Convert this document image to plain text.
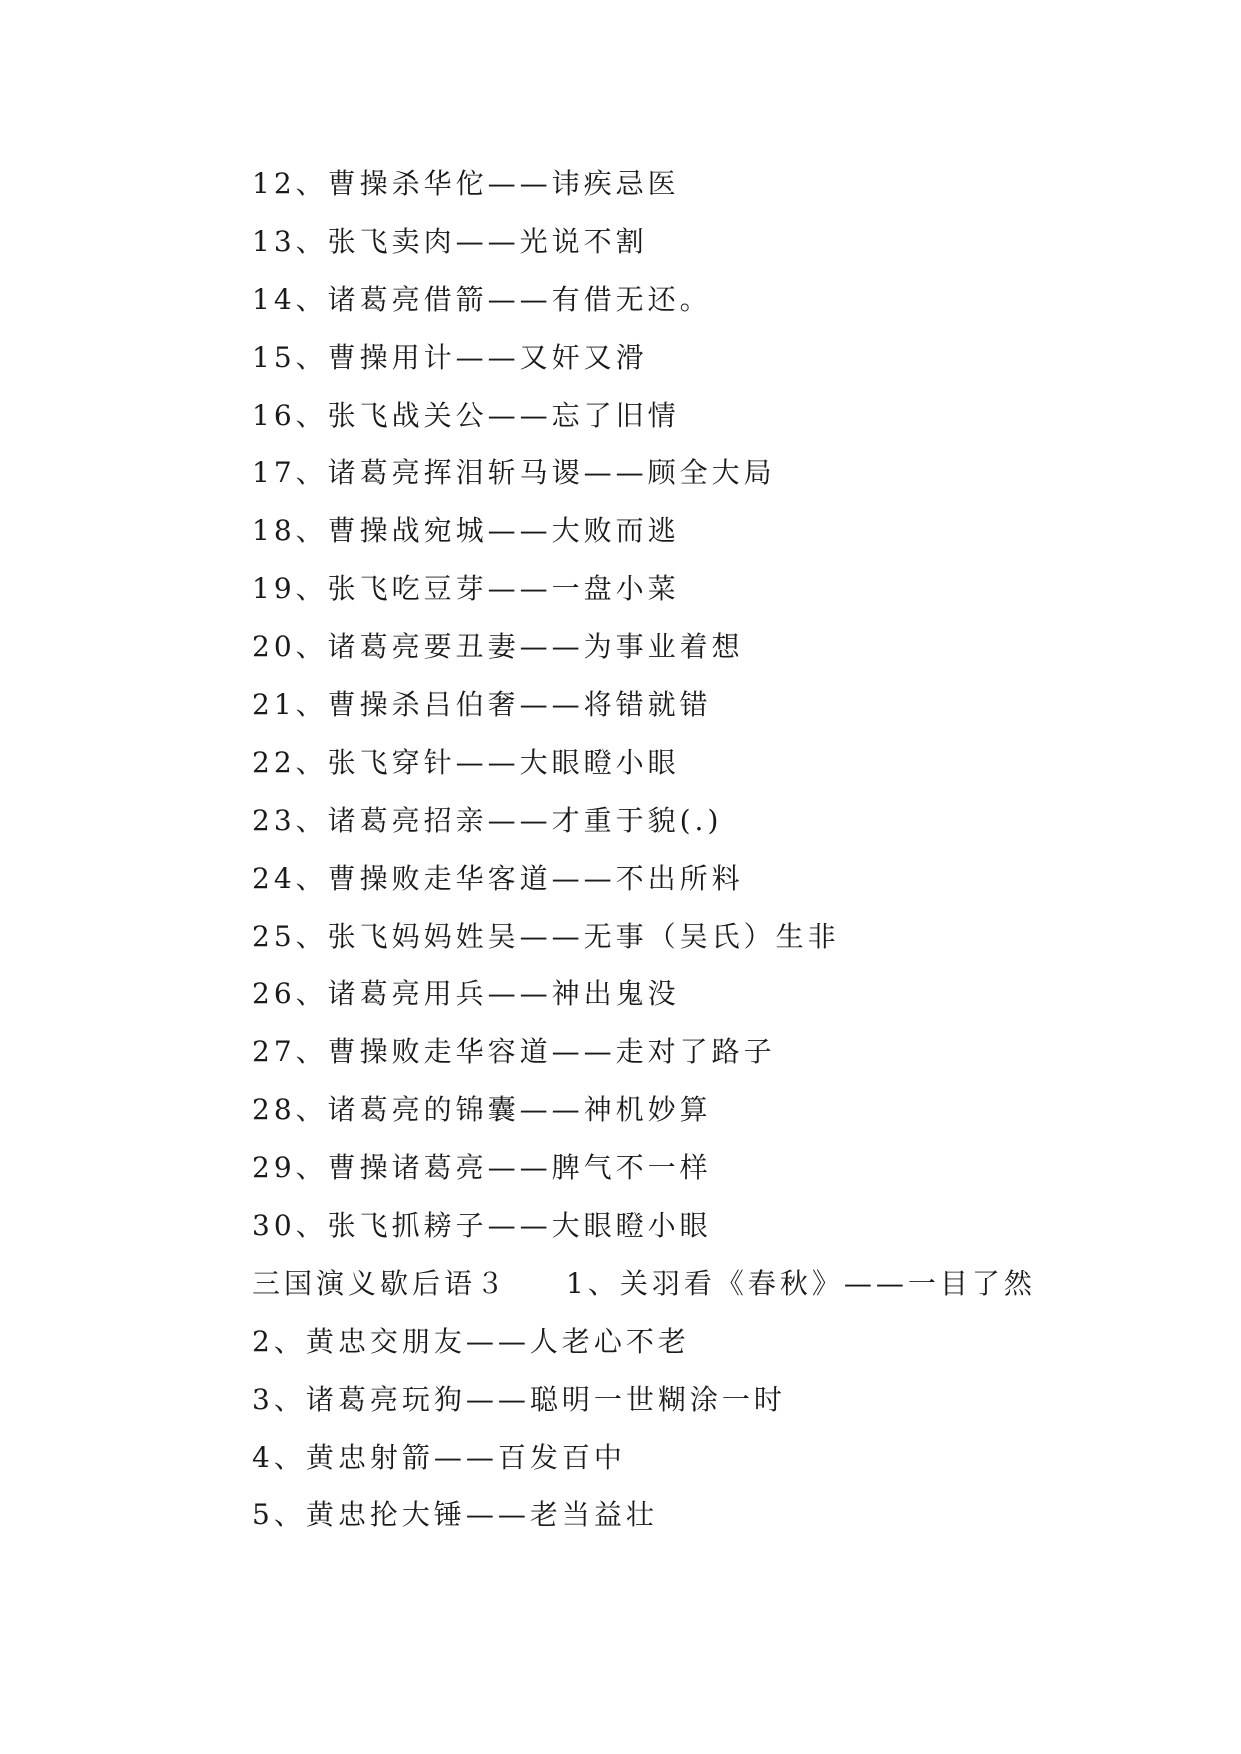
12、曹操杀华佗——讳疾忌医
13、张飞卖肉——光说不割
14、诸葛亮借箭——有借无还。
15、曹操用计——又奸又滑
16、张飞战关公——忘了旧情
17、诸葛亮挥泪斩马谡——顾全大局
18、曹操战宛城——大败而逃
19、张飞吃豆芽——一盘小菜
20、诸葛亮要丑妻——为事业着想
21、曹操杀吕伯奢——将错就错
22、张飞穿针——大眼瞪小眼
23、诸葛亮招亲——才重于貌(.)
24、曹操败走华客道——不出所料
25、张飞妈妈姓吴——无事（吴氏）生非
26、诸葛亮用兵——神出鬼没
27、曹操败走华容道——走对了路子
28、诸葛亮的锦囊——神机妙算
29、曹操诸葛亮——脾气不一样
30、张飞抓耪子——大眼瞪小眼
三国演义歇后语３ 1、关羽看《春秋》——一目了然
2、黄忠交朋友——人老心不老
3、诸葛亮玩狗——聪明一世糊涂一时
4、黄忠射箭——百发百中
5、黄忠抡大锤——老当益壮
